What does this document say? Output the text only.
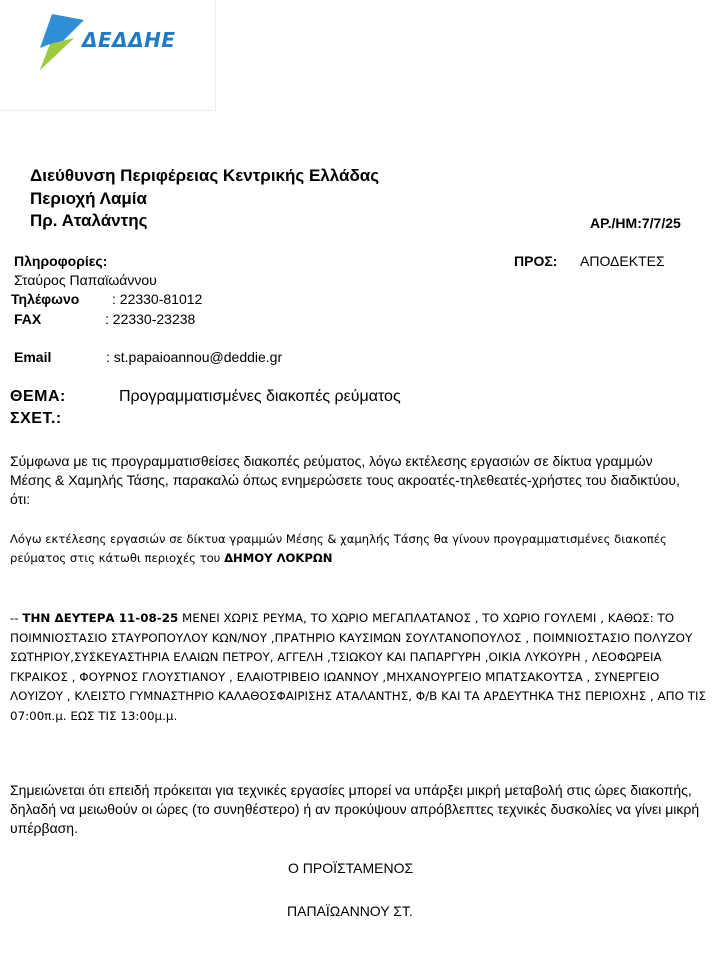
ΔΕΔΔΗΕ
Διεύθυνση Περιφέρειας Κεντρικής Ελλάδας
Περιοχή Λαμία
Πρ. Αταλάντης	ΑΡ./ΗΜ:7/7/25
Πληροφορίες:
Σταύρος Παπαϊωάννου
Τηλέφωνο : 22330-81012
FAX	: 22330-23238
Email	: st.papaioannou@deddie.gr
ΠΡΟΣ: ΑΠΟΔΕΚΤΕΣ
ΘΕΜΑ:	Προγραμματισμένες διακοπές ρεύματος
ΣΧΕΤ.:
Σύμφωνα με τις προγραμματισθείσες διακοπές ρεύματος, λόγω εκτέλεσης εργασιών σε δίκτυα γραμμών Μέσης & Χαμηλής Τάσης, παρακαλώ όπως ενημερώσετε τους ακροατές-τηλεθεατές-χρήστες του διαδικτύου, ότι:
Λόγω εκτέλεσης εργασιών σε δίκτυα γραμμών Μέσης & χαμηλής Τάσης θα γίνουν προγραμματισμένες διακοπές ρεύματος στις κάτωθι περιοχές του ΔΗΜΟΥ ΛΟΚΡΩΝ
-- ΤΗΝ ΔΕΥΤΕΡΑ 11-08-25 ΜΕΝΕΙ ΧΩΡΙΣ ΡΕΥΜΑ, ΤΟ ΧΩΡΙΟ ΜΕΓΑΠΛΑΤΑΝΟΣ , ΤΟ ΧΩΡΙΟ ΓΟΥΛΕΜΙ , ΚΑΘΩΣ: ΤΟ ΠΟΙΜΝΙΟΣΤΑΣΙΟ ΣΤΑΥΡΟΠΟΥΛΟΥ ΚΩΝ/ΝΟΥ ,ΠΡΑΤΗΡΙΟ ΚΑΥΣΙΜΩΝ ΣΟΥΛΤΑΝΟΠΟΥΛΟΣ , ΠΟΙΜΝΙΟΣΤΑΣΙΟ ΠΟΛΥΖΟΥ ΣΩΤΗΡΙΟΥ,ΣΥΣΚΕΥΑΣΤΗΡΙΑ ΕΛΑΙΩΝ ΠΕΤΡΟΥ, ΑΓΓΕΛΗ ,ΤΣΙΩΚΟΥ ΚΑΙ ΠΑΠΑΡΓΥΡΗ ,ΟΙΚΙΑ ΛΥΚΟΥΡΗ , ΛΕΟΦΩΡΕΙΑ ΓΚΡΑΙΚΟΣ , ΦΟΥΡΝΟΣ ΓΛΟΥΣΤΙΑΝΟΥ , ΕΛΑΙΟΤΡΙΒΕΙΟ ΙΩΑΝΝΟΥ ,ΜΗΧΑΝΟΥΡΓΕΙΟ ΜΠΑΤΣΑΚΟΥΤΣΑ , ΣΥΝΕΡΓΕΙΟ ΛΟΥΙΖΟΥ , ΚΛΕΙΣΤΟ ΓΥΜΝΑΣΤΗΡΙΟ ΚΑΛΑΘΟΣΦΑΙΡΙΣΗΣ ΑΤΑΛΑΝΤΗΣ, Φ/Β ΚΑΙ ΤΑ ΑΡΔΕΥΤΗΚΑ ΤΗΣ ΠΕΡΙΟΧΗΣ , ΑΠΟ ΤΙΣ 07:00π.μ. ΕΩΣ ΤΙΣ 13:00μ.μ.
Σημειώνεται ότι επειδή πρόκειται για τεχνικές εργασίες μπορεί να υπάρξει μικρή μεταβολή στις ώρες διακοπής, δηλαδή να μειωθούν οι ώρες (το συνηθέστερο) ή αν προκύψουν απρόβλεπτες τεχνικές δυσκολίες να γίνει μικρή υπέρβαση.
Ο ΠΡΟΪΣΤΑΜΕΝΟΣ
ΠΑΠΑΪΩΑΝΝΟΥ ΣΤ.
